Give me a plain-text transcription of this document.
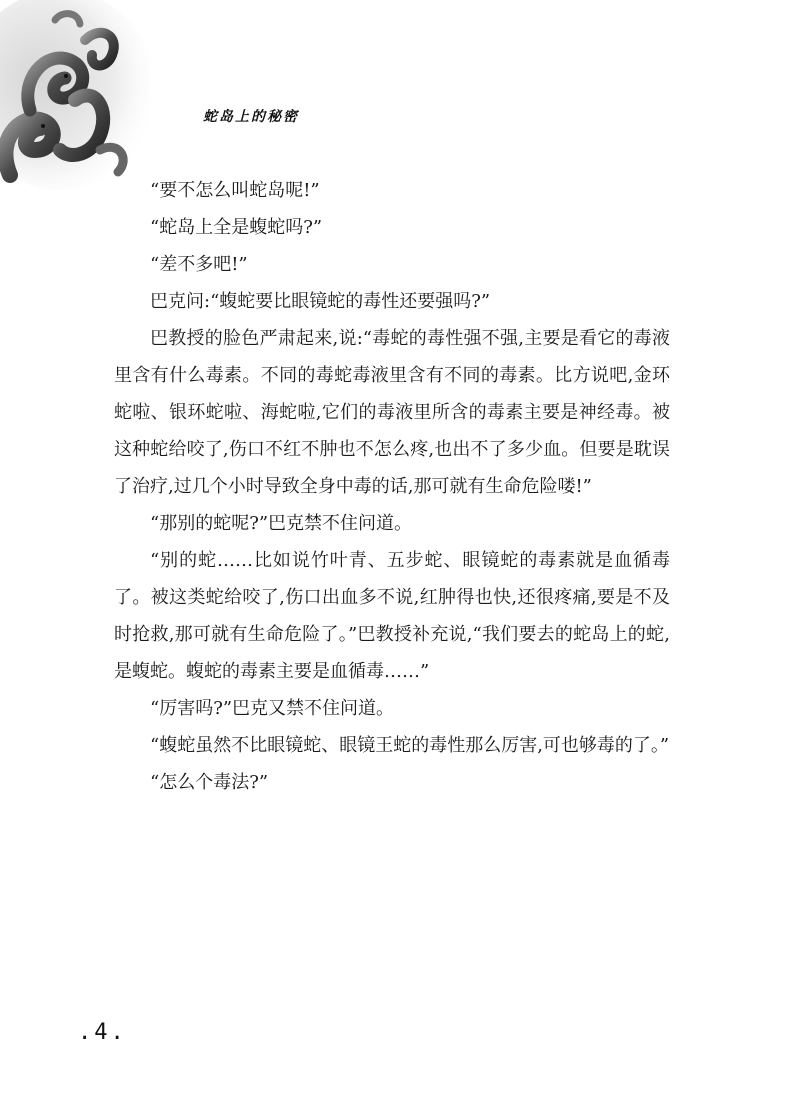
蛇岛上的秘密

“要不怎么叫蛇岛呢!”

“蛇岛上全是蝮蛇吗?”

“差不多吧!”

巴克问:“蝮蛇要比眼镜蛇的毒性还要强吗?”

巴教授的脸色严肃起来,说:“毒蛇的毒性强不强,主要是看它的毒液里含有什么毒素。不同的毒蛇毒液里含有不同的毒素。比方说吧,金环蛇啦、银环蛇啦、海蛇啦,它们的毒液里所含的毒素主要是神经毒。被这种蛇给咬了,伤口不红不肿也不怎么疼,也出不了多少血。但要是耽误了治疗,过几个小时导致全身中毒的话,那可就有生命危险喽!”

“那别的蛇呢?”巴克禁不住问道。

“别的蛇……比如说竹叶青、五步蛇、眼镜蛇的毒素就是血循毒了。被这类蛇给咬了,伤口出血多不说,红肿得也快,还很疼痛,要是不及时抢救,那可就有生命危险了。”巴教授补充说,“我们要去的蛇岛上的蛇,是蝮蛇。蝮蛇的毒素主要是血循毒……”

“厉害吗?”巴克又禁不住问道。

“蝮蛇虽然不比眼镜蛇、眼镜王蛇的毒性那么厉害,可也够毒的了。”

“怎么个毒法?”

.4.
